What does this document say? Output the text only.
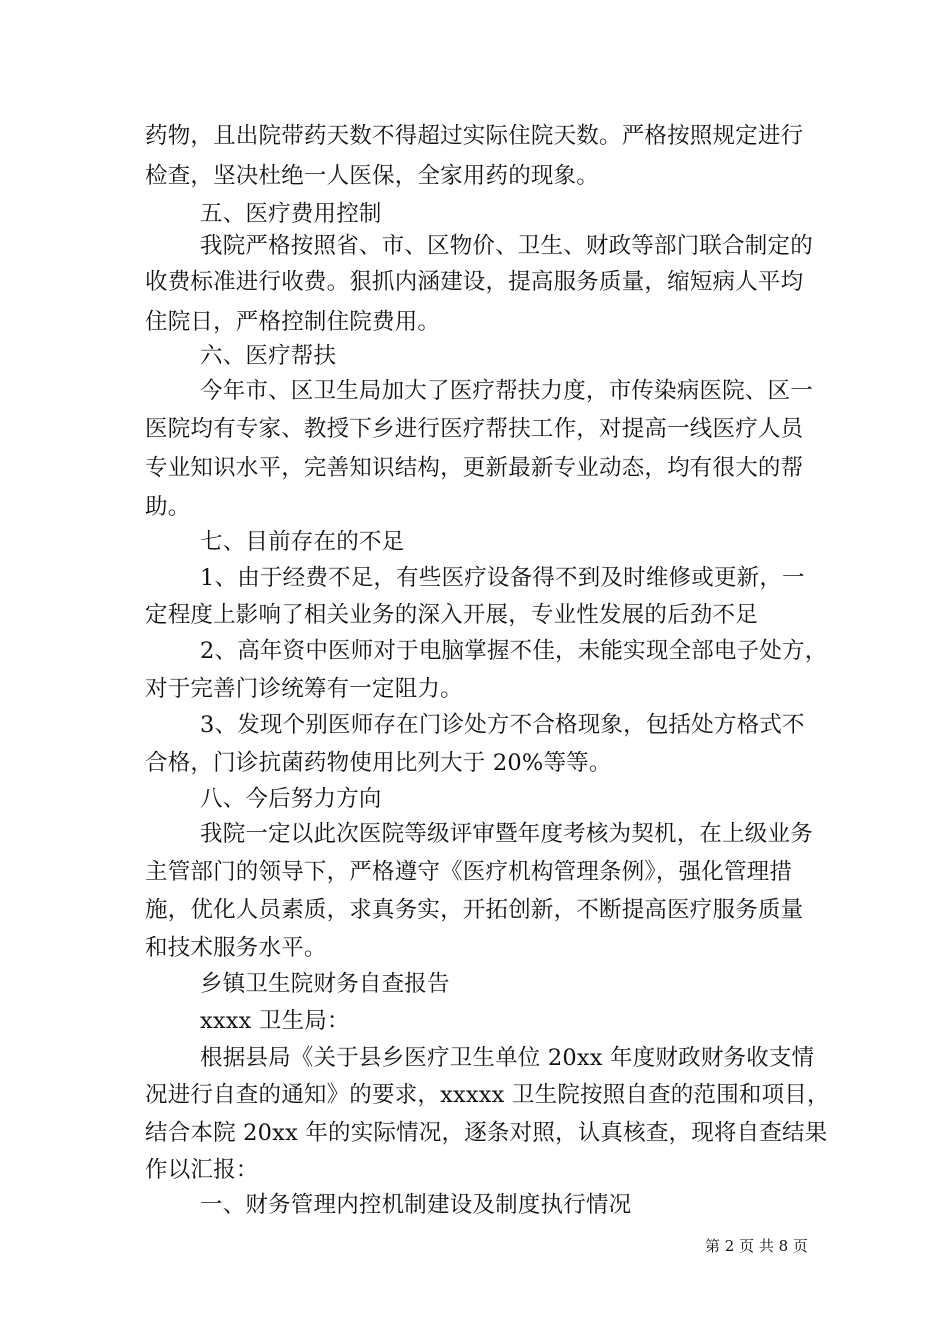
药物，且出院带药天数不得超过实际住院天数。严格按照规定进行
检查，坚决杜绝一人医保，全家用药的现象。
五、医疗费用控制
我院严格按照省、市、区物价、卫生、财政等部门联合制定的
收费标准进行收费。狠抓内涵建设，提高服务质量，缩短病人平均
住院日，严格控制住院费用。
六、医疗帮扶
今年市、区卫生局加大了医疗帮扶力度，市传染病医院、区一
医院均有专家、教授下乡进行医疗帮扶工作，对提高一线医疗人员
专业知识水平，完善知识结构，更新最新专业动态，均有很大的帮
助。
七、目前存在的不足
1、由于经费不足，有些医疗设备得不到及时维修或更新，一
定程度上影响了相关业务的深入开展，专业性发展的后劲不足
2、高年资中医师对于电脑掌握不佳，未能实现全部电子处方，
对于完善门诊统筹有一定阻力。
3、发现个别医师存在门诊处方不合格现象，包括处方格式不
合格，门诊抗菌药物使用比列大于 20%等等。
八、今后努力方向
我院一定以此次医院等级评审暨年度考核为契机，在上级业务
主管部门的领导下，严格遵守《医疗机构管理条例》，强化管理措
施，优化人员素质，求真务实，开拓创新，不断提高医疗服务质量
和技术服务水平。
乡镇卫生院财务自查报告
xxxx 卫生局：
根据县局《关于县乡医疗卫生单位 20xx 年度财政财务收支情
况进行自查的通知》的要求，xxxxx 卫生院按照自查的范围和项目，
结合本院 20xx 年的实际情况，逐条对照，认真核查，现将自查结果
作以汇报：
一、财务管理内控机制建设及制度执行情况
第 2 页 共 8 页
